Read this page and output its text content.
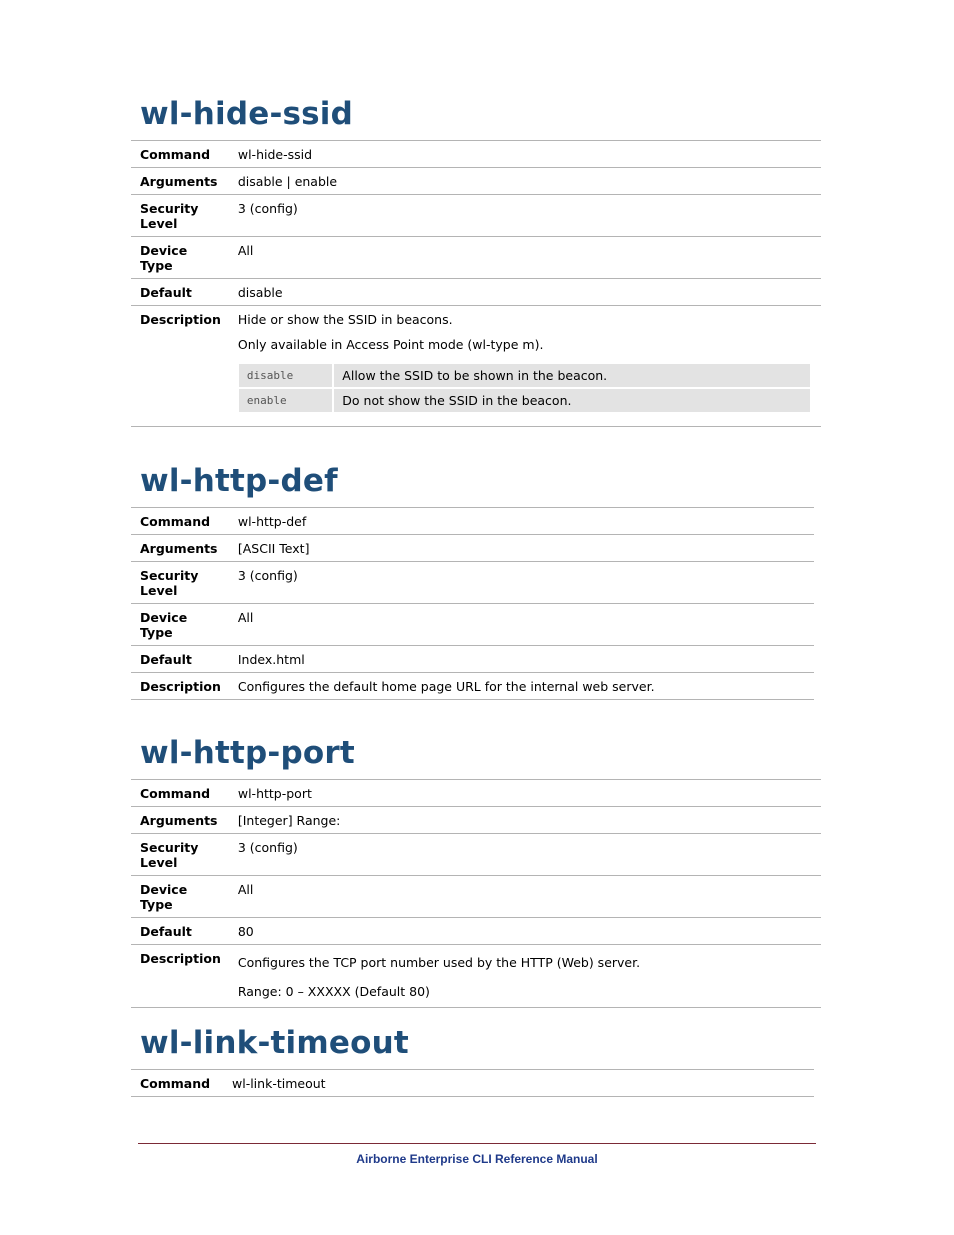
wl-hide-ssid
Command	wl-hide-ssid
Arguments	disable | enable
Security Level	3 (config)
Device Type	All
Default	disable
Description	Hide or show the SSID in beacons.

Only available in Access Point mode (wl-type m).

disable	Allow the SSID to be shown in the beacon.
enable	Do not show the SSID in the beacon.
wl-http-def
Command	wl-http-def
Arguments	[ASCII Text]
Security Level	3 (config)
Device Type	All
Default	Index.html
Description	Configures the default home page URL for the internal web server.

wl-http-port
Command	wl-http-port
Arguments	[Integer] Range:
Security Level	3 (config)
Device Type	All
Default	80
Description	Configures the TCP port number used by the HTTP (Web) server.

Range: 0 – XXXXX (Default 80)

wl-link-timeout
Command	wl-link-timeout
Airborne Enterprise CLI Reference Manual
